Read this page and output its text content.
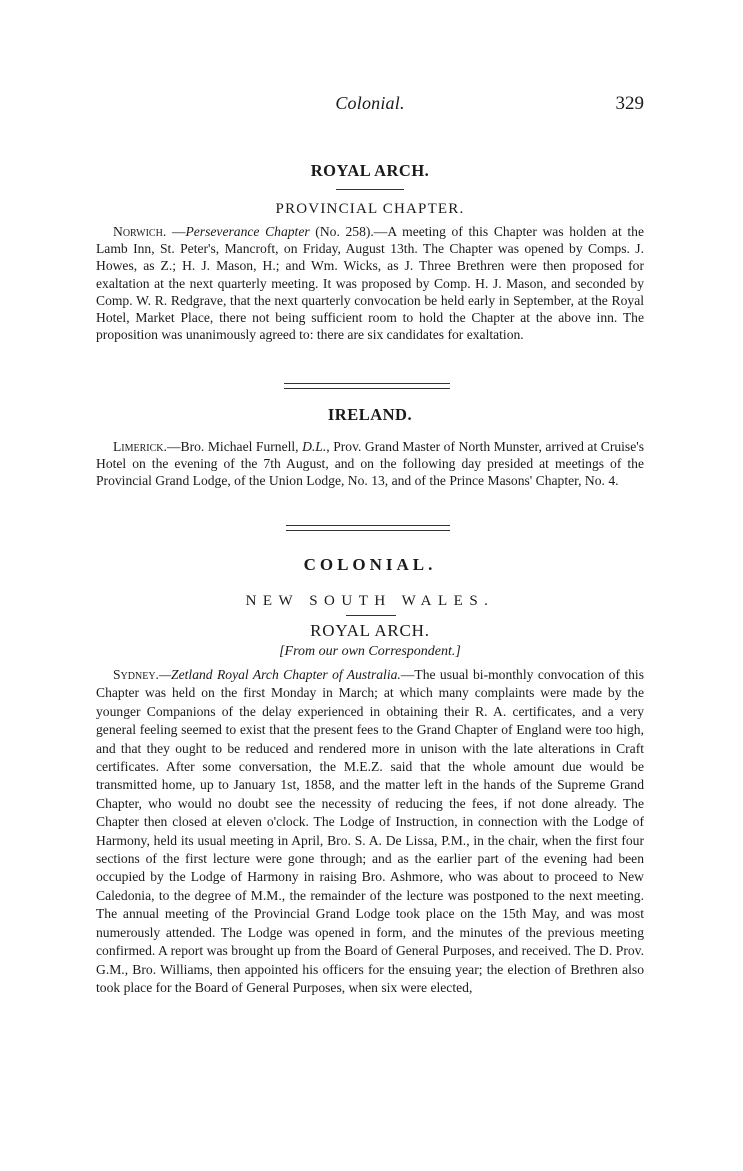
Colonial.	329
ROYAL ARCH.
PROVINCIAL CHAPTER.

Norwich. —Perseverance Chapter (No. 258).—A meeting of this Chapter was holden at the Lamb Inn, St. Peter's, Mancroft, on Friday, August 13th. The Chapter was opened by Comps. J. Howes, as Z.; H. J. Mason, H.; and Wm. Wicks, as J. Three Brethren were then proposed for exaltation at the next quarterly meeting. It was proposed by Comp. H. J. Mason, and seconded by Comp. W. R. Redgrave, that the next quarterly convocation be held early in September, at the Royal Hotel, Market Place, there not being sufficient room to hold the Chapter at the above inn. The proposition was unanimously agreed to: there are six candidates for exaltation.

IRELAND.

Limerick.—Bro. Michael Furnell, D.L., Prov. Grand Master of North Munster, arrived at Cruise's Hotel on the evening of the 7th August, and on the following day presided at meetings of the Provincial Grand Lodge, of the Union Lodge, No. 13, and of the Prince Masons' Chapter, No. 4.

COLONIAL.
NEW SOUTH WALES.
ROYAL ARCH.
[From our own Correspondent.]

Sydney.—Zetland Royal Arch Chapter of Australia.—The usual bi-monthly convocation of this Chapter was held on the first Monday in March; at which many complaints were made by the younger Companions of the delay experienced in obtaining their R. A. certificates, and a very general feeling seemed to exist that the present fees to the Grand Chapter of England were too high, and that they ought to be reduced and rendered more in unison with the late alterations in Craft certificates. After some conversation, the M.E.Z. said that the whole amount due would be transmitted home, up to January 1st, 1858, and the matter left in the hands of the Supreme Grand Chapter, who would no doubt see the necessity of reducing the fees, if not done already. The Chapter then closed at eleven o'clock. The Lodge of Instruction, in connection with the Lodge of Harmony, held its usual meeting in April, Bro. S. A. De Lissa, P.M., in the chair, when the first four sections of the first lecture were gone through; and as the earlier part of the evening had been occupied by the Lodge of Harmony in raising Bro. Ashmore, who was about to proceed to New Caledonia, to the degree of M.M., the remainder of the lecture was postponed to the next meeting. The annual meeting of the Provincial Grand Lodge took place on the 15th May, and was most numerously attended. The Lodge was opened in form, and the minutes of the previous meeting confirmed. A report was brought up from the Board of General Purposes, and received. The D. Prov. G.M., Bro. Williams, then appointed his officers for the ensuing year; the election of Brethren also took place for the Board of General Purposes, when six were elected,
